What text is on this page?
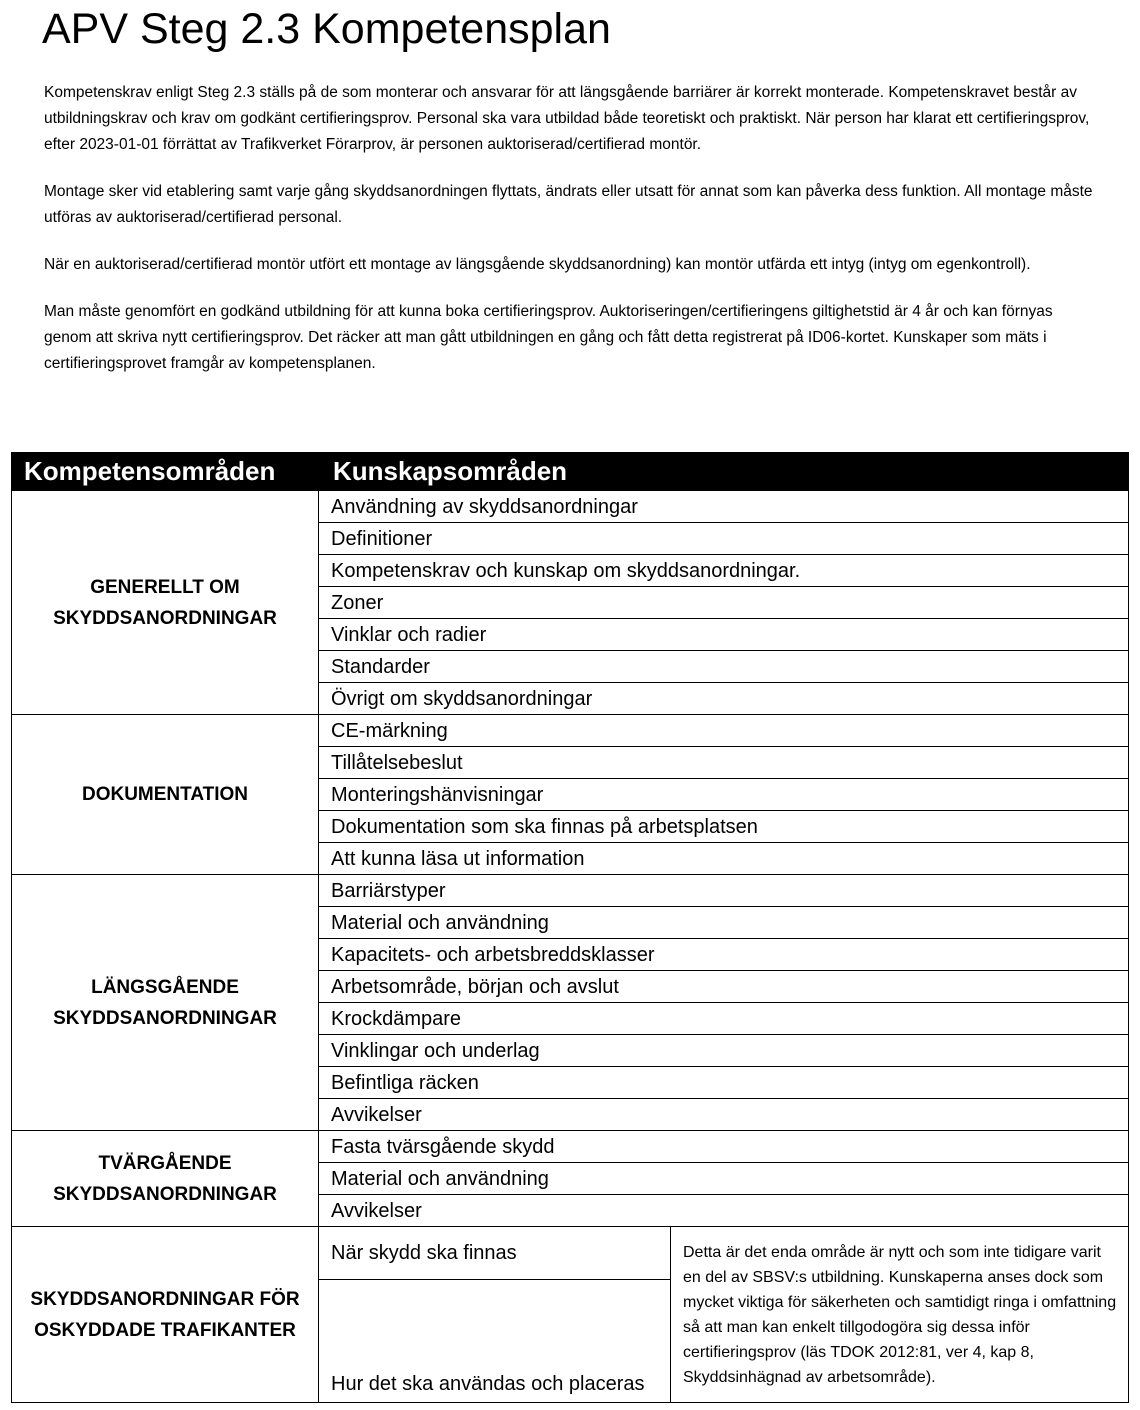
APV Steg 2.3 Kompetensplan

Kompetenskrav enligt Steg 2.3 ställs på de som monterar och ansvarar för att längsgående barriärer är korrekt monterade. Kompetenskravet består av utbildningskrav och krav om godkänt certifieringsprov. Personal ska vara utbildad både teoretiskt och praktiskt. När person har klarat ett certifieringsprov, efter 2023-01-01 förrättat av Trafikverket Förarprov, är personen auktoriserad/certifierad montör.

Montage sker vid etablering samt varje gång skyddsanordningen flyttats, ändrats eller utsatt för annat som kan påverka dess funktion. All montage måste utföras av auktoriserad/certifierad personal.

När en auktoriserad/certifierad montör utfört ett montage av längsgående skyddsanordning) kan montör utfärda ett intyg (intyg om egenkontroll).

Man måste genomfört en godkänd utbildning för att kunna boka certifieringsprov. Auktoriseringen/certifieringens giltighetstid är 4 år och kan förnyas genom att skriva nytt certifieringsprov. Det räcker att man gått utbildningen en gång och fått detta registrerat på ID06-kortet. Kunskaper som mäts i certifieringsprovet framgår av kompetensplanen.

Kompetensområden	Kunskapsområden	
GENERELLT OM SKYDDSANORDNINGAR	Användning av skyddsanordningar	
	Definitioner	
	Kompetenskrav och kunskap om skyddsanordningar.	
	Zoner	
	Vinklar och radier	
	Standarder	
	Övrigt om skyddsanordningar	
DOKUMENTATION	CE-märkning	
	Tillåtelsebeslut	
	Monteringshänvisningar	
	Dokumentation som ska finnas på arbetsplatsen	
	Att kunna läsa ut information	
LÄNGSGÅENDE SKYDDSANORDNINGAR	Barriärstyper	
	Material och användning	
	Kapacitets- och arbetsbreddsklasser	
	Arbetsområde, början och avslut	
	Krockdämpare	
	Vinklingar och underlag	
	Befintliga räcken	
	Avvikelser	
TVÄRGÅENDE SKYDDSANORDNINGAR	Fasta tvärsgående skydd	
	Material och användning	
	Avvikelser	
SKYDDSANORDNINGAR FÖR OSKYDDADE TRAFIKANTER	När skydd ska finnas	Detta är det enda område är nytt och som inte tidigare varit en del av SBSV:s utbildning. Kunskaperna anses dock som mycket viktiga för säkerheten och samtidigt ringa i omfattning så att man kan enkelt tillgodogöra sig dessa inför certifieringsprov (läs TDOK 2012:81, ver 4, kap 8, Skyddsinhägnad av arbetsområde).
	Hur det ska användas och placeras	
